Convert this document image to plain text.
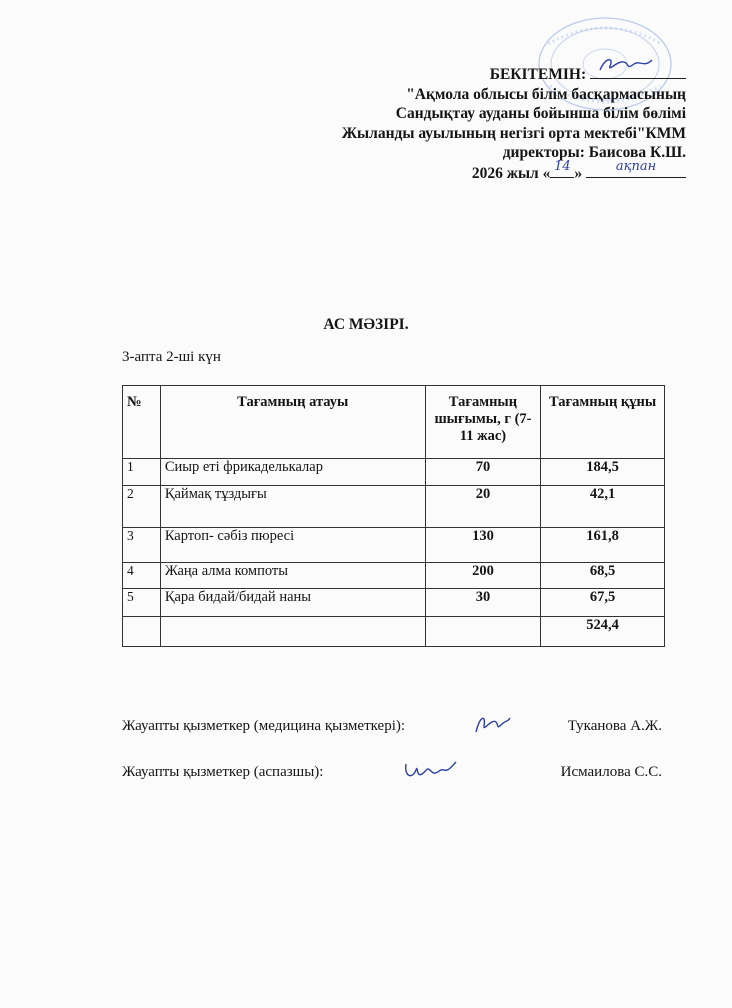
БЕКІТЕМІН:
"Ақмола облысы білім басқармасының
Сандықтау ауданы бойынша білім бөлімі
Жыланды ауылының негізгі орта мектебі"КММ
директоры: Баисова К.Ш.
2026 жыл « 14 »	ақпан
АС МӘЗІРІ.
3-апта 2-ші күн
№	Тағамның атауы	Тағамның шығымы, г (7-11 жас)	Тағамның құны
1	Сиыр еті фрикаделькалар	70	184,5
2	Қаймақ тұздығы	20	42,1
3	Картоп- сәбіз пюресі	130	161,8
4	Жаңа алма компоты	200	68,5
5	Қара бидай/бидай наны	30	67,5
			524,4
Жауапты қызметкер (медицина қызметкері):	Туканова А.Ж.
Жауапты қызметкер (аспазшы):	Исмаилова С.С.
